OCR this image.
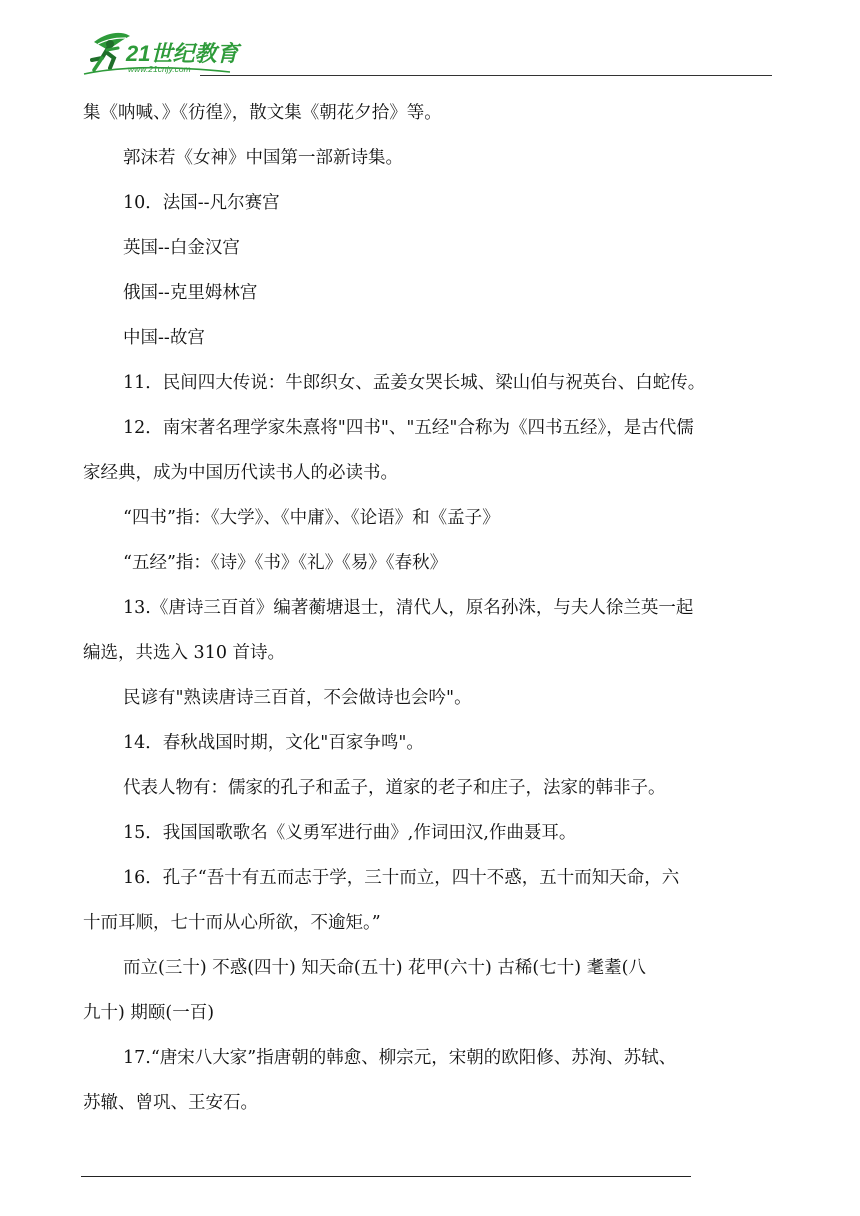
21世纪教育
www.21cnjy.com
集《呐喊、》《彷徨》，散文集《朝花夕拾》等。
郭沫若《女神》中国第一部新诗集。
10．法国--凡尔赛宫
英国--白金汉宫
俄国--克里姆林宫
中国--故宫
11．民间四大传说：牛郎织女、孟姜女哭长城、梁山伯与祝英台、白蛇传。
12．南宋著名理学家朱熹将"四书"、"五经"合称为《四书五经》，是古代儒
家经典，成为中国历代读书人的必读书。
“四书”指：《大学》、《中庸》、《论语》和《孟子》
“五经”指：《诗》《书》《礼》《易》《春秋》
13.《唐诗三百首》编著蘅塘退士，清代人，原名孙洙，与夫人徐兰英一起
编选，共选入 310 首诗。
民谚有"熟读唐诗三百首，不会做诗也会吟"。
14．春秋战国时期，文化"百家争鸣"。
代表人物有：儒家的孔子和孟子，道家的老子和庄子，法家的韩非子。
15．我国国歌歌名《义勇军进行曲》,作词田汉,作曲聂耳。
16．孔子“吾十有五而志于学，三十而立，四十不惑，五十而知天命，六
十而耳顺，七十而从心所欲，不逾矩。”
而立(三十) 不惑(四十) 知天命(五十) 花甲(六十) 古稀(七十) 耄耋(八
九十) 期颐(一百)
17.“唐宋八大家”指唐朝的韩愈、柳宗元，宋朝的欧阳修、苏洵、苏轼、
苏辙、曾巩、王安石。
